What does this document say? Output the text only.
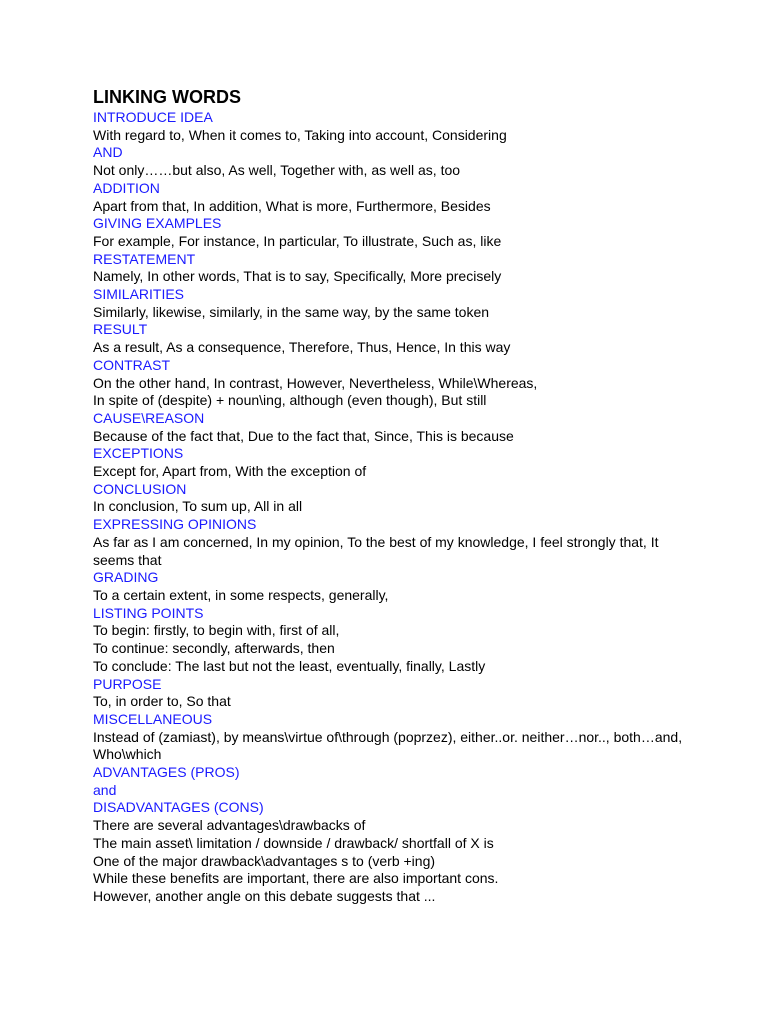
LINKING WORDS
INTRODUCE IDEA
With regard to, When it comes to, Taking into account, Considering
AND
Not only……but also, As well, Together with, as well as, too
ADDITION
Apart from that, In addition, What is more, Furthermore, Besides
GIVING EXAMPLES
For example, For instance, In particular, To illustrate, Such as, like
RESTATEMENT
Namely, In other words, That is to say, Specifically, More precisely
SIMILARITIES
Similarly, likewise, similarly, in the same way, by the same token
RESULT
As a result, As a consequence, Therefore, Thus, Hence, In this way
CONTRAST
On the other hand, In contrast, However, Nevertheless, While\Whereas,
In spite of (despite) + noun\ing, although (even though), But still
CAUSE\REASON
Because of the fact that, Due to the fact that, Since, This is because
EXCEPTIONS
Except for, Apart from, With the exception of
CONCLUSION
In conclusion, To sum up, All in all
EXPRESSING OPINIONS
As far as I am concerned, In my opinion, To the best of my knowledge, I feel strongly that, It seems that
GRADING
To a certain extent, in some respects, generally,
LISTING POINTS
To begin: firstly, to begin with, first of all,
To continue: secondly, afterwards, then
To conclude: The last but not the least, eventually, finally, Lastly
PURPOSE
To, in order to, So that
MISCELLANEOUS
Instead of (zamiast), by means\virtue of\through (poprzez), either..or. neither…nor.., both…and, Who\which
ADVANTAGES (PROS)
and
DISADVANTAGES (CONS)
There are several advantages\drawbacks of
The main asset\ limitation / downside / drawback/ shortfall of X is
One of the major drawback\advantages s to (verb +ing)
While these benefits are important, there are also important cons.
However, another angle on this debate suggests that ...
